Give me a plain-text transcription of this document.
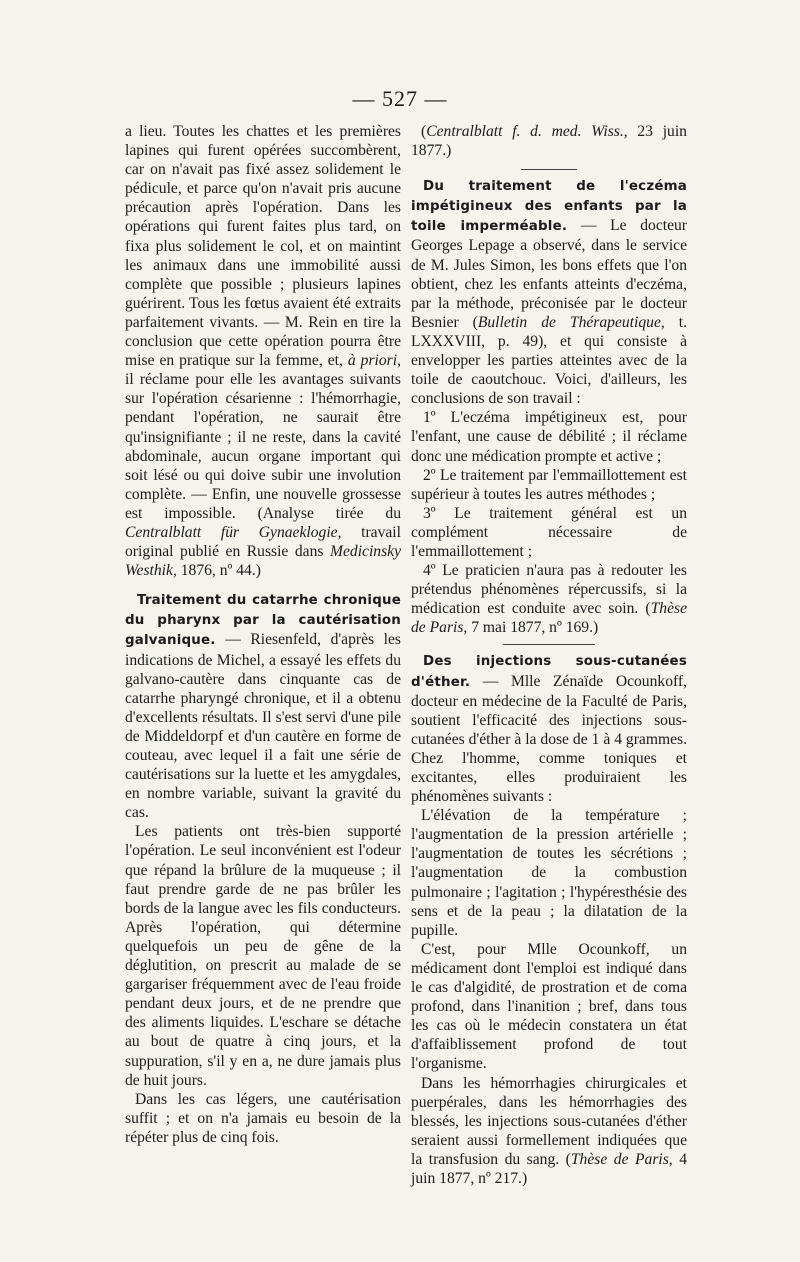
— 527 —

a lieu. Toutes les chattes et les premières lapines qui furent opérées succombèrent, car on n'avait pas fixé assez solidement le pédicule, et parce qu'on n'avait pris aucune précaution après l'opération. Dans les opérations qui furent faites plus tard, on fixa plus solidement le col, et on maintint les animaux dans une immobilité aussi complète que possible ; plusieurs lapines guérirent. Tous les fœtus avaient été extraits parfaitement vivants. — M. Rein en tire la conclusion que cette opération pourra être mise en pratique sur la femme, et, à priori, il réclame pour elle les avantages suivants sur l'opération césarienne : l'hémorrhagie, pendant l'opération, ne saurait être qu'insignifiante ; il ne reste, dans la cavité abdominale, aucun organe important qui soit lésé ou qui doive subir une involution complète. — Enfin, une nouvelle grossesse est impossible. (Analyse tirée du Centralblatt für Gynaeklogie, travail original publié en Russie dans Medicinsky Westhik, 1876, nº 44.)

Traitement du catarrhe chronique du pharynx par la cautérisation galvanique. — Riesenfeld, d'après les indications de Michel, a essayé les effets du galvano-cautère dans cinquante cas de catarrhe pharyngé chronique, et il a obtenu d'excellents résultats. Il s'est servi d'une pile de Middeldorpf et d'un cautère en forme de couteau, avec lequel il a fait une série de cautérisations sur la luette et les amygdales, en nombre variable, suivant la gravité du cas.

Les patients ont très-bien supporté l'opération. Le seul inconvénient est l'odeur que répand la brûlure de la muqueuse ; il faut prendre garde de ne pas brûler les bords de la langue avec les fils conducteurs. Après l'opération, qui détermine quelquefois un peu de gêne de la déglutition, on prescrit au malade de se gargariser fréquemment avec de l'eau froide pendant deux jours, et de ne prendre que des aliments liquides. L'eschare se détache au bout de quatre à cinq jours, et la suppuration, s'il y en a, ne dure jamais plus de huit jours.

Dans les cas légers, une cautérisation suffit ; et on n'a jamais eu besoin de la répéter plus de cinq fois.

(Centralblatt f. d. med. Wiss., 23 juin 1877.)

Du traitement de l'eczéma impétigineux des enfants par la toile imperméable. — Le docteur Georges Lepage a observé, dans le service de M. Jules Simon, les bons effets que l'on obtient, chez les enfants atteints d'eczéma, par la méthode, préconisée par le docteur Besnier (Bulletin de Thérapeutique, t. LXXXVIII, p. 49), et qui consiste à envelopper les parties atteintes avec de la toile de caoutchouc. Voici, d'ailleurs, les conclusions de son travail :

1º L'eczéma impétigineux est, pour l'enfant, une cause de débilité ; il réclame donc une médication prompte et active ;

2º Le traitement par l'emmaillottement est supérieur à toutes les autres méthodes ;

3º Le traitement général est un complément nécessaire de l'emmaillottement ;

4º Le praticien n'aura pas à redouter les prétendus phénomènes répercussifs, si la médication est conduite avec soin. (Thèse de Paris, 7 mai 1877, nº 169.)

Des injections sous-cutanées d'éther. — Mlle Zénaïde Ocounkoff, docteur en médecine de la Faculté de Paris, soutient l'efficacité des injections sous-cutanées d'éther à la dose de 1 à 4 grammes. Chez l'homme, comme toniques et excitantes, elles produiraient les phénomènes suivants :

L'élévation de la température ; l'augmentation de la pression artérielle ; l'augmentation de toutes les sécrétions ; l'augmentation de la combustion pulmonaire ; l'agitation ; l'hypéresthésie des sens et de la peau ; la dilatation de la pupille.

C'est, pour Mlle Ocounkoff, un médicament dont l'emploi est indiqué dans le cas d'algidité, de prostration et de coma profond, dans l'inanition ; bref, dans tous les cas où le médecin constatera un état d'affaiblissement profond de tout l'organisme.

Dans les hémorrhagies chirurgicales et puerpérales, dans les hémorrhagies des blessés, les injections sous-cutanées d'éther seraient aussi formellement indiquées que la transfusion du sang. (Thèse de Paris, 4 juin 1877, nº 217.)
